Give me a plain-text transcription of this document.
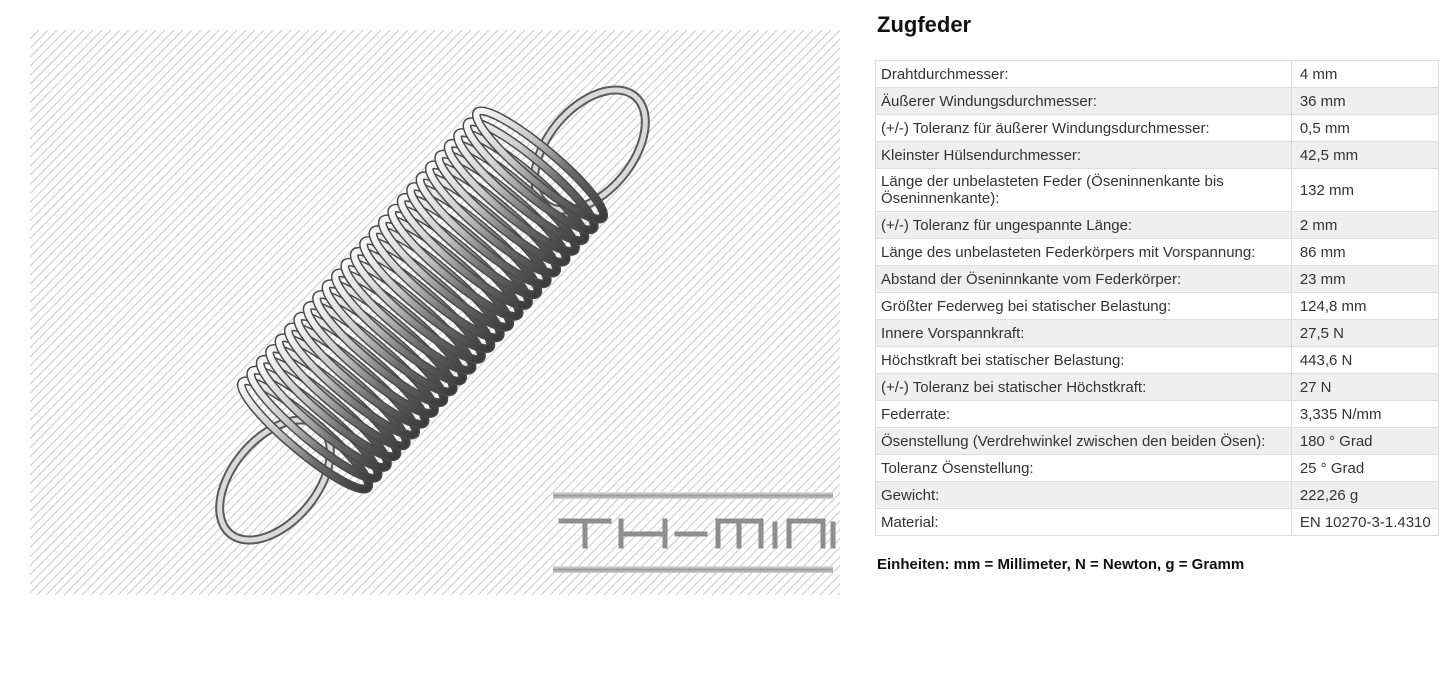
Zugfeder
Drahtdurchmesser:	4 mm
Äußerer Windungsdurchmesser:	36 mm
(+/-) Toleranz für äußerer Windungsdurchmesser:	0,5 mm
Kleinster Hülsendurchmesser:	42,5 mm
Länge der unbelasteten Feder (Öseninnenkante bis Öseninnenkante):	132 mm
(+/-) Toleranz für ungespannte Länge:	2 mm
Länge des unbelasteten Federkörpers mit Vorspannung:	86 mm
Abstand der Öseninnkante vom Federkörper:	23 mm
Größter Federweg bei statischer Belastung:	124,8 mm
Innere Vorspannkraft:	27,5 N
Höchstkraft bei statischer Belastung:	443,6 N
(+/-) Toleranz bei statischer Höchstkraft:	27 N
Federrate:	3,335 N/mm
Ösenstellung (Verdrehwinkel zwischen den beiden Ösen):	180 ° Grad
Toleranz Ösenstellung:	25 ° Grad
Gewicht:	222,26 g
Material:	EN 10270-3-1.4310
Einheiten: mm = Millimeter, N = Newton, g = Gramm
